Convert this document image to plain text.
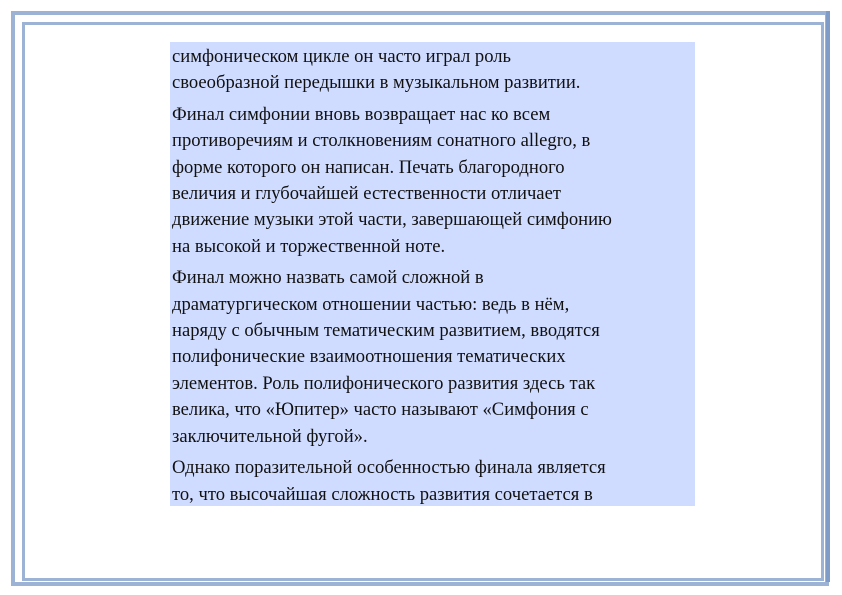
симфоническом цикле он часто играл роль
своеобразной передышки в музыкальном развитии.

Финал симфонии вновь возвращает нас ко всем
противоречиям и столкновениям сонатного allegro, в
форме которого он написан. Печать благородного
величия и глубочайшей естественности отличает
движение музыки этой части, завершающей симфонию
на высокой и торжественной ноте.

Финал можно назвать самой сложной в
драматургическом отношении частью: ведь в нём,
наряду с обычным тематическим развитием, вводятся
полифонические взаимоотношения тематических
элементов. Роль полифонического развития здесь так
велика, что «Юпитер» часто называют «Симфония с
заключительной фугой».

Однако поразительной особенностью финала является
то, что высочайшая сложность развития сочетается в
